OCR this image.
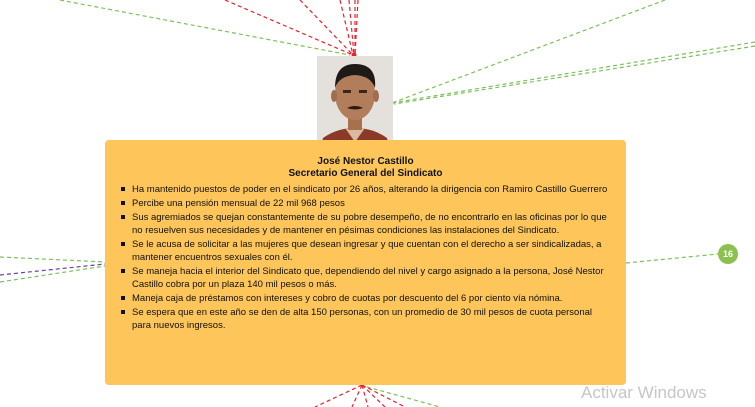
José Nestor Castillo
Secretario General del Sindicato
Ha mantenido puestos de poder en el sindicato por 26 años, alterando la dirigencia con Ramiro Castillo Guerrero
Percibe una pensión mensual de 22 mil 968 pesos
Sus agremiados se quejan constantemente de su pobre desempeño, de no encontrarlo en las oficinas por lo que no resuelven sus necesidades y de mantener en pésimas condiciones las instalaciones del Sindicato.
Se le acusa de solicitar a las mujeres que desean ingresar y que cuentan con el derecho a ser sindicalizadas, a mantener encuentros sexuales con él.
Se maneja hacia el interior del Sindicato que, dependiendo del nivel y cargo asignado a la persona, José Nestor Castillo cobra por un plaza 140 mil pesos o más.
Maneja caja de préstamos con intereses y cobro de cuotas por descuento del 6 por ciento vía nómina.
Se espera que en este año se den de alta 150 personas, con un promedio de 30 mil pesos de cuota personal para nuevos ingresos.
16
Activar Windows
